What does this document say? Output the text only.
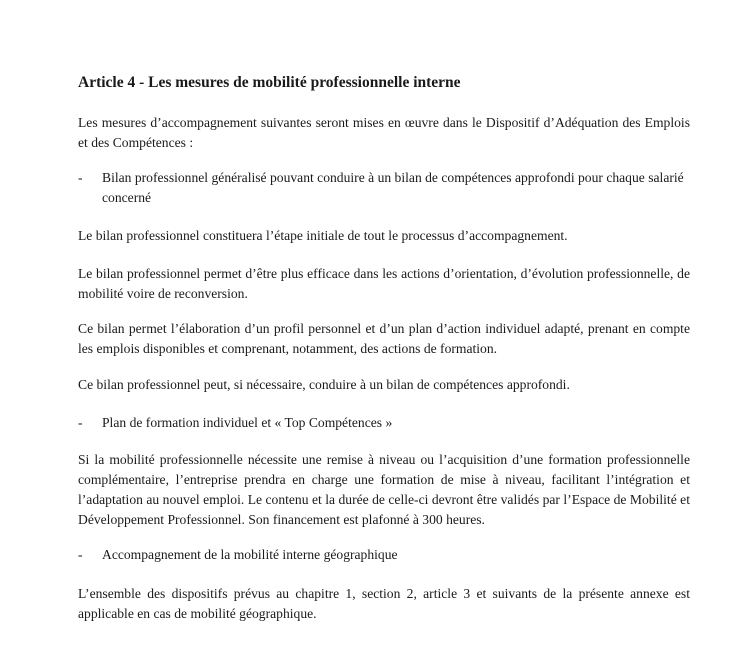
Article 4 - Les mesures de mobilité professionnelle interne

Les mesures d’accompagnement suivantes seront mises en œuvre dans le Dispositif d’Adéquation des Emplois et des Compétences :

- Bilan professionnel généralisé pouvant conduire à un bilan de compétences approfondi pour chaque salarié concerné

Le bilan professionnel constituera l’étape initiale de tout le processus d’accompagnement.

Le bilan professionnel permet d’être plus efficace dans les actions d’orientation, d’évolution professionnelle, de mobilité voire de reconversion.

Ce bilan permet l’élaboration d’un profil personnel et d’un plan d’action individuel adapté, prenant en compte les emplois disponibles et comprenant, notamment, des actions de formation.

Ce bilan professionnel peut, si nécessaire, conduire à un bilan de compétences approfondi.

- Plan de formation individuel et « Top Compétences »

Si la mobilité professionnelle nécessite une remise à niveau ou l’acquisition d’une formation professionnelle complémentaire, l’entreprise prendra en charge une formation de mise à niveau, facilitant l’intégration et l’adaptation au nouvel emploi. Le contenu et la durée de celle-ci devront être validés par l’Espace de Mobilité et Développement Professionnel. Son financement est plafonné à 300 heures.

- Accompagnement de la mobilité interne géographique

L’ensemble des dispositifs prévus au chapitre 1, section 2, article 3 et suivants de la présente annexe est applicable en cas de mobilité géographique.
